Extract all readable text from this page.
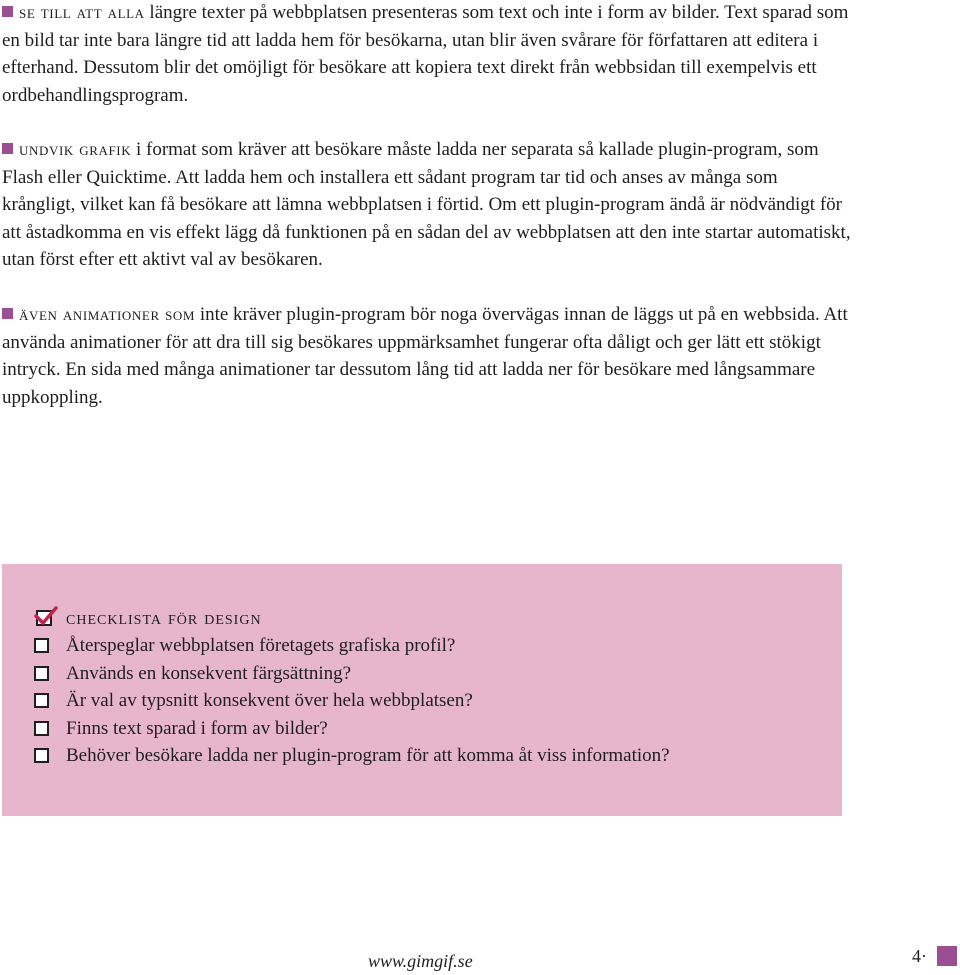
se till att alla längre texter på webbplatsen presenteras som text och inte i form av bilder. Text sparad som en bild tar inte bara längre tid att ladda hem för besökarna, utan blir även svårare för författaren att editera i efterhand. Dessutom blir det omöjligt för besökare att kopiera text direkt från webbsidan till exempelvis ett ordbehandlingsprogram.

undvik grafik i format som kräver att besökare måste ladda ner separata så kallade plugin-program, som Flash eller Quicktime. Att ladda hem och installera ett sådant program tar tid och anses av många som krångligt, vilket kan få besökare att lämna webbplatsen i förtid. Om ett plugin-program ändå är nödvändigt för att åstadkomma en vis effekt lägg då funktionen på en sådan del av webbplatsen att den inte startar automatiskt, utan först efter ett aktivt val av besökaren.

även animationer som inte kräver plugin-program bör noga övervägas innan de läggs ut på en webbsida. Att använda animationer för att dra till sig besökares uppmärksamhet fungerar ofta dåligt och ger lätt ett stökigt intryck. En sida med många animationer tar dessutom lång tid att ladda ner för besökare med långsammare uppkoppling.

checklista för design
Återspeglar webbplatsen företagets grafiska profil?
Används en konsekvent färgsättning?
Är val av typsnitt konsekvent över hela webbplatsen?
Finns text sparad i form av bilder?
Behöver besökare ladda ner plugin-program för att komma åt viss information?
www.gimgif.se	4·
